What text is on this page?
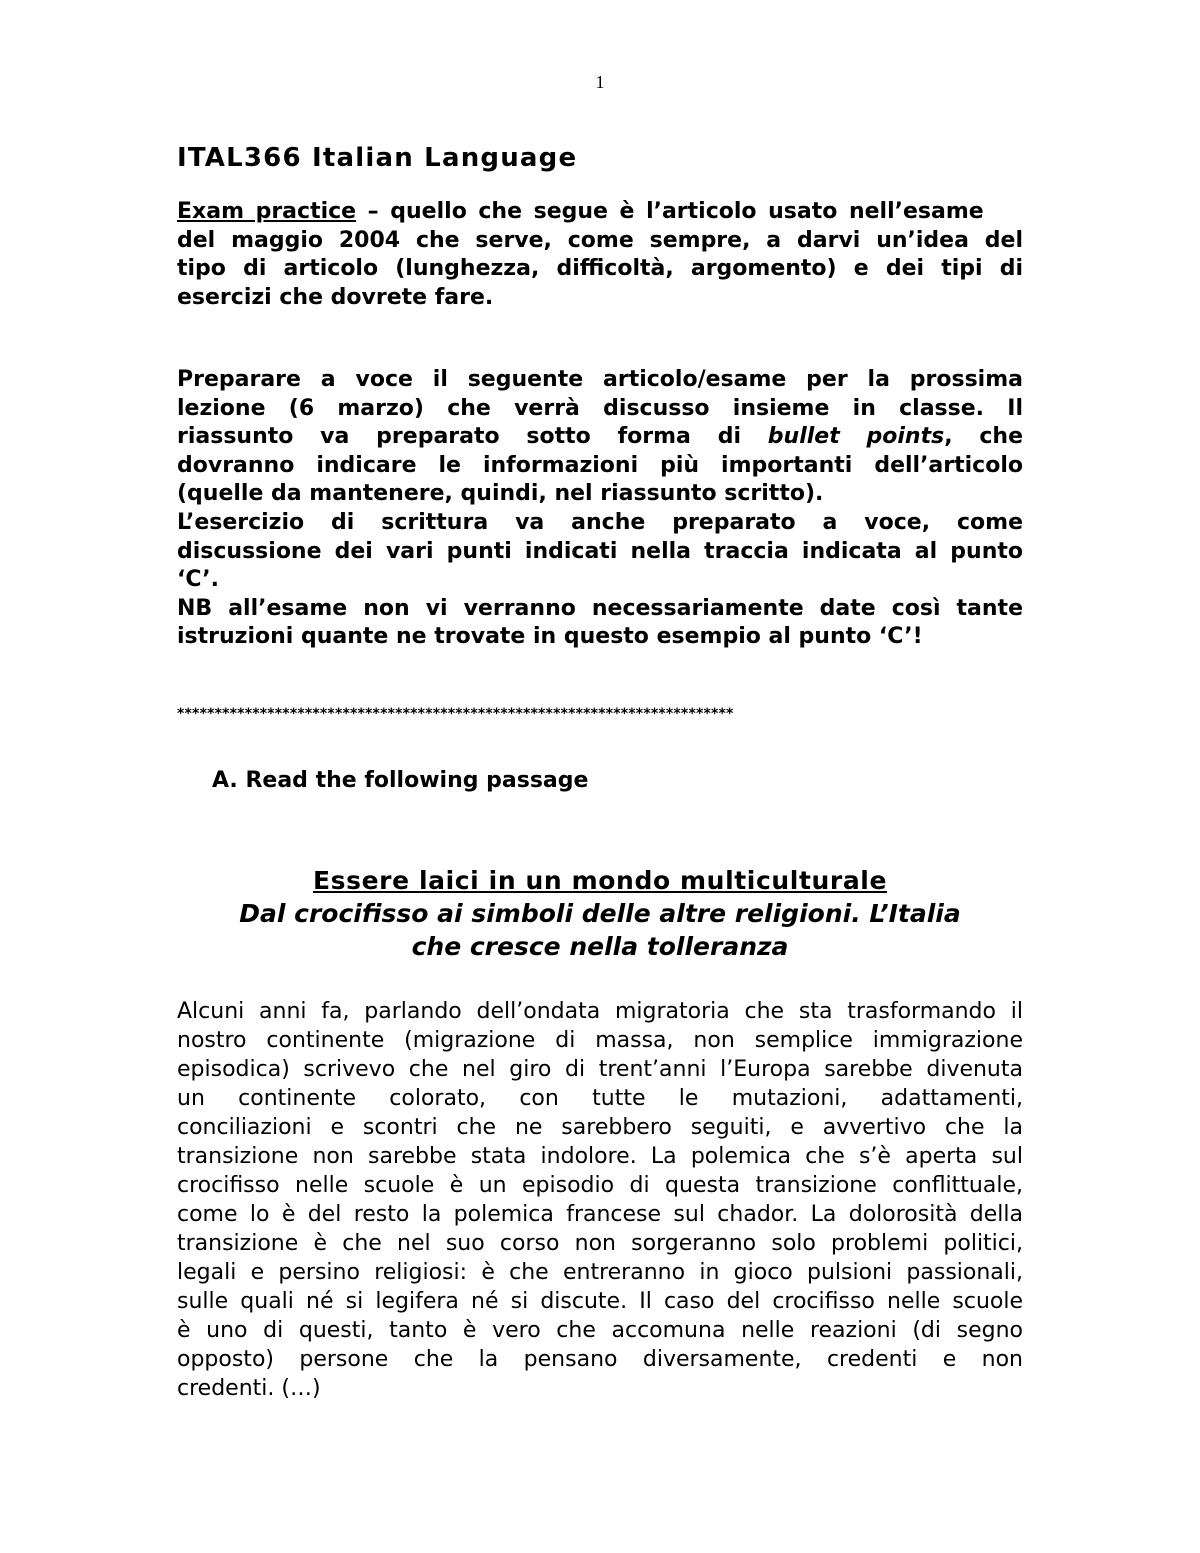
1
ITAL366 Italian Language
Exam practice – quello che segue è l’articolo usato nell’esame
del maggio 2004 che serve, come sempre, a darvi un’idea del
tipo di articolo (lunghezza, difficoltà, argomento) e dei tipi di
esercizi che dovrete fare.
Preparare a voce il seguente articolo/esame per la prossima
lezione (6 marzo) che verrà discusso insieme in classe. Il
riassunto va preparato sotto forma di bullet points, che
dovranno indicare le informazioni più importanti dell’articolo
(quelle da mantenere, quindi, nel riassunto scritto).
L’esercizio di scrittura va anche preparato a voce, come
discussione dei vari punti indicati nella traccia indicata al punto
‘C’.
NB all’esame non vi verranno necessariamente date così tante
istruzioni quante ne trovate in questo esempio al punto ‘C’!
**************************************************************************
A. Read the following passage
Essere laici in un mondo multiculturale
Dal crocifisso ai simboli delle altre religioni. L’Italia
che cresce nella tolleranza
Alcuni anni fa, parlando dell’ondata migratoria che sta trasformando il
nostro continente (migrazione di massa, non semplice immigrazione
episodica) scrivevo che nel giro di trent’anni l’Europa sarebbe divenuta
un continente colorato, con tutte le mutazioni, adattamenti,
conciliazioni e scontri che ne sarebbero seguiti, e avvertivo che la
transizione non sarebbe stata indolore. La polemica che s’è aperta sul
crocifisso nelle scuole è un episodio di questa transizione conflittuale,
come lo è del resto la polemica francese sul chador. La dolorosità della
transizione è che nel suo corso non sorgeranno solo problemi politici,
legali e persino religiosi: è che entreranno in gioco pulsioni passionali,
sulle quali né si legifera né si discute. Il caso del crocifisso nelle scuole
è uno di questi, tanto è vero che accomuna nelle reazioni (di segno
opposto) persone che la pensano diversamente, credenti e non
credenti. (…)
